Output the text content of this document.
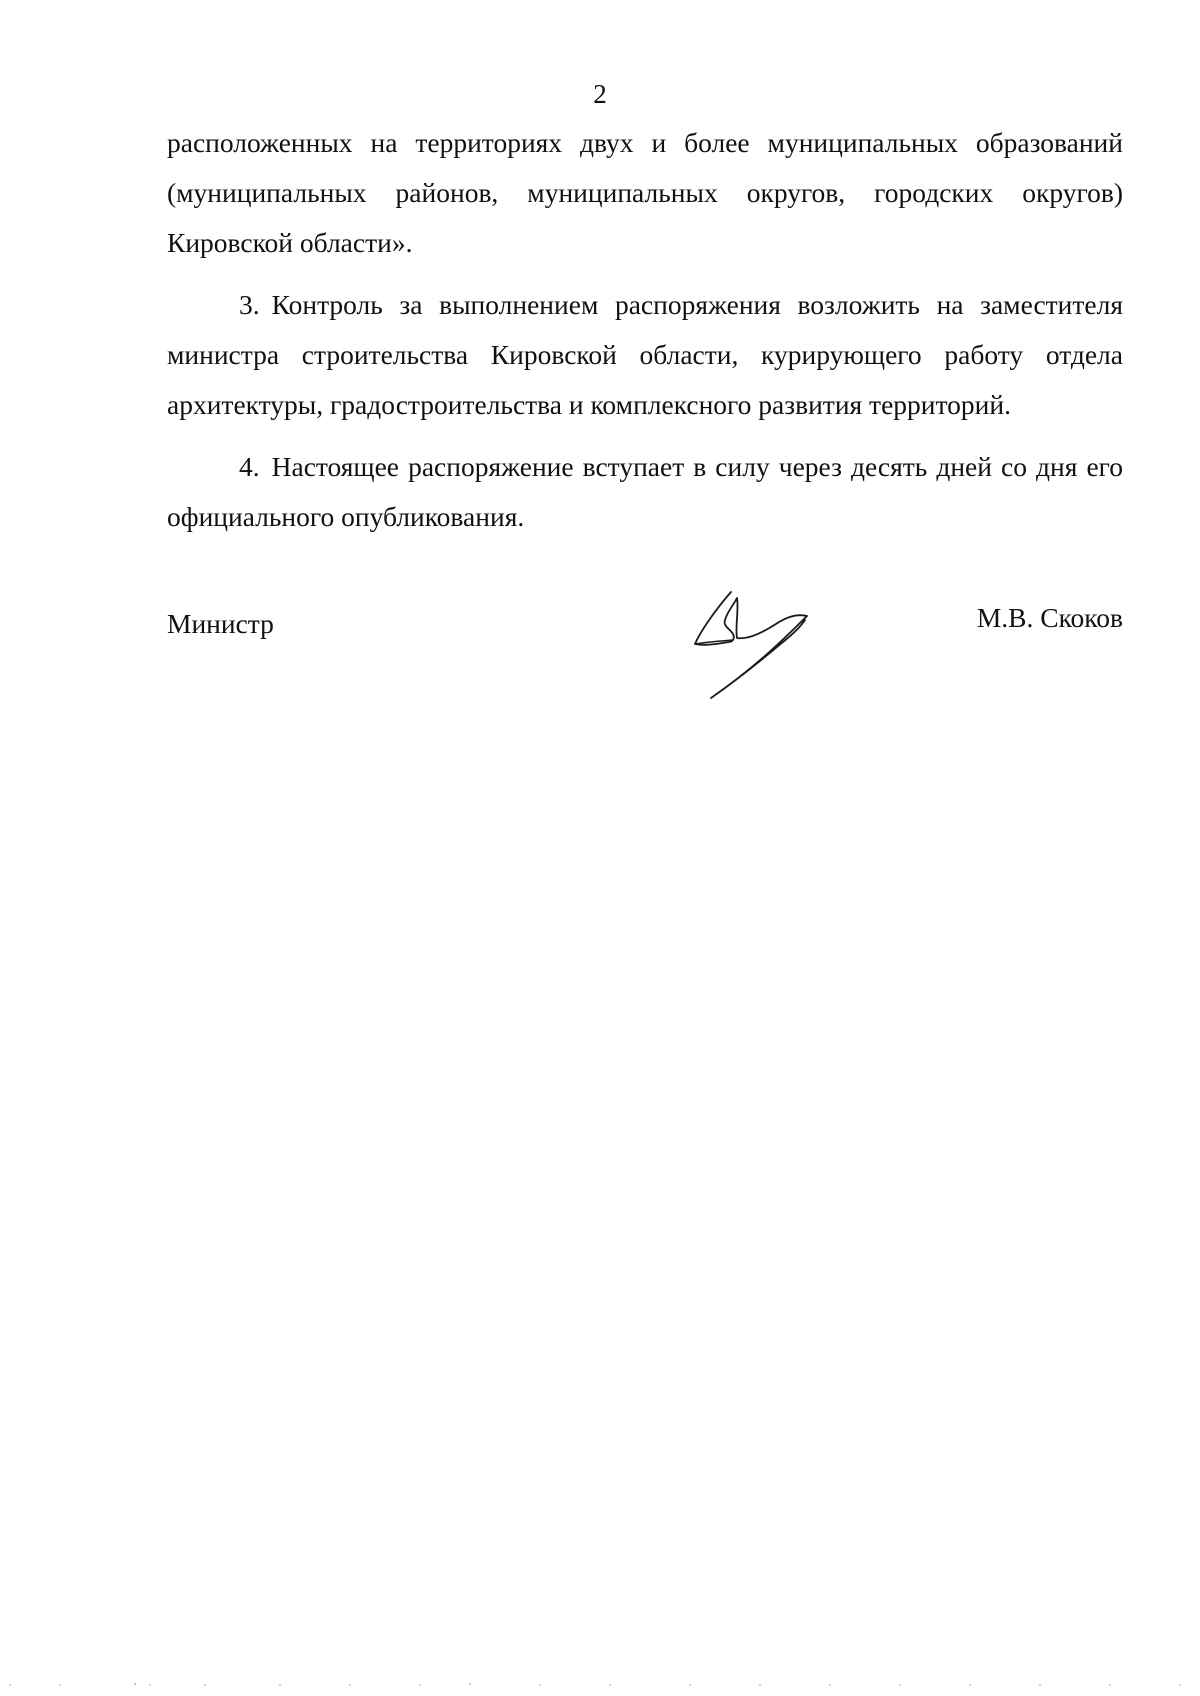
2

расположенных на территориях двух и более муниципальных образований (муниципальных районов, муниципальных округов, городских округов) Кировской области».

3. Контроль за выполнением распоряжения возложить на заместителя министра строительства Кировской области, курирующего работу отдела архитектуры, градостроительства и комплексного развития территорий.

4. Настоящее распоряжение вступает в силу через десять дней со дня его официального опубликования.

Министр	М.В. Скоков
